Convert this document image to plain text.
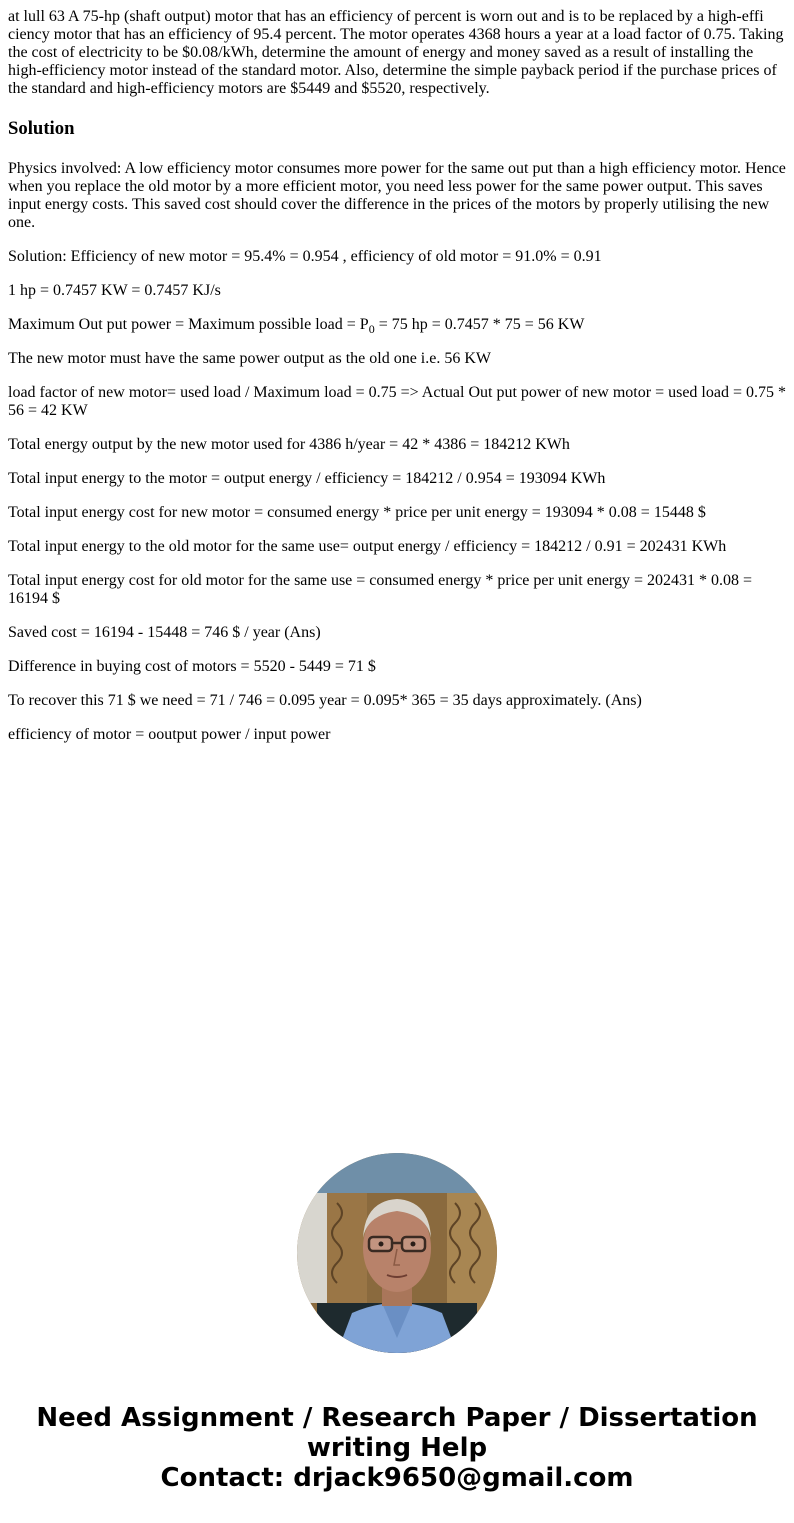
at lull 63 A 75-hp (shaft output) motor that has an efficiency of percent is worn out and is to be replaced by a high-effi ciency motor that has an efficiency of 95.4 percent. The motor operates 4368 hours a year at a load factor of 0.75. Taking the cost of electricity to be $0.08/kWh, determine the amount of energy and money saved as a result of installing the high-efficiency motor instead of the standard motor. Also, determine the simple payback period if the purchase prices of the standard and high-efficiency motors are $5449 and $5520, respectively.

Solution

Physics involved: A low efficiency motor consumes more power for the same out put than a high efficiency motor. Hence when you replace the old motor by a more efficient motor, you need less power for the same power output. This saves input energy costs. This saved cost should cover the difference in the prices of the motors by properly utilising the new one.

Solution: Efficiency of new motor = 95.4% = 0.954 , efficiency of old motor = 91.0% = 0.91

1 hp = 0.7457 KW = 0.7457 KJ/s

Maximum Out put power = Maximum possible load = $P_0 = 75$ hp = 0.7457 * 75 = 56 KW

The new motor must have the same power output as the old one i.e. 56 KW

load factor of new motor= used load / Maximum load = 0.75 => Actual Out put power of new motor = used load = 0.75 * 56 = 42 KW

Total energy output by the new motor used for 4386 h/year = 42 * 4386 = 184212 KWh

Total input energy to the motor = output energy / efficiency = 184212 / 0.954 = 193094 KWh

Total input energy cost for new motor = consumed energy * price per unit energy = 193094 * 0.08 = 15448 $

Total input energy to the old motor for the same use= output energy / efficiency = 184212 / 0.91 = 202431 KWh

Total input energy cost for old motor for the same use = consumed energy * price per unit energy = 202431 * 0.08 = 16194 $

Saved cost = 16194 - 15448 = 746 $ / year (Ans)

Difference in buying cost of motors = 5520 - 5449 = 71 $

To recover this 71 $ we need = 71 / 746 = 0.095 year = 0.095* 365 = 35 days approximately. (Ans)

efficiency of motor = ooutput power / input power

Need Assignment / Research Paper / Dissertation
writing Help
Contact: drjack9650@gmail.com
